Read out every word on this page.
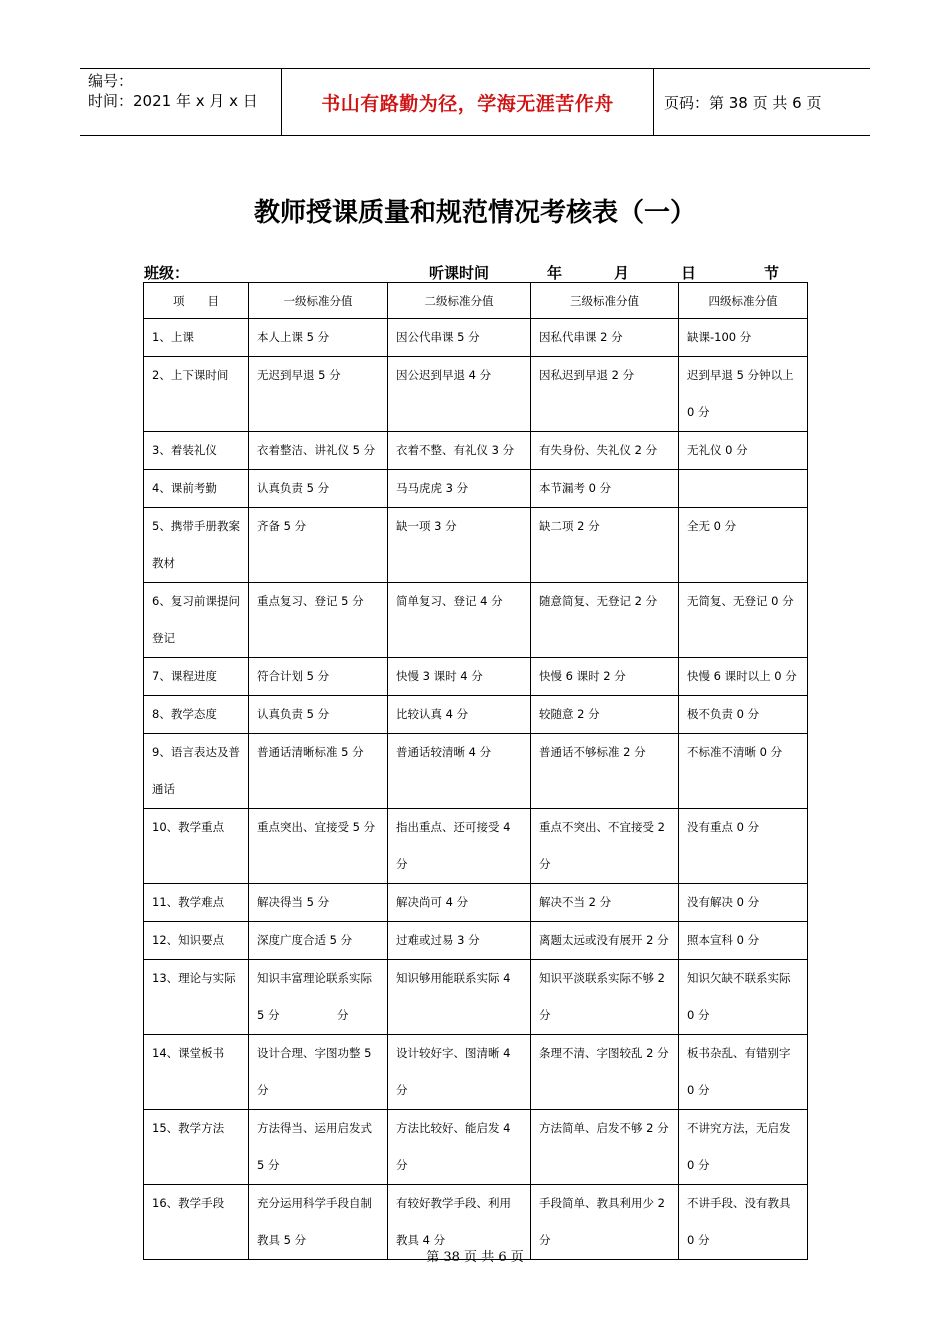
编号：
时间：2021 年 x 月 x 日	书山有路勤为径，学海无涯苦作舟	页码：第 38 页 共 6 页
教师授课质量和规范情况考核表（一）
班级：	听课时间	年	月	日	节
项　　目	一级标准分值	二级标准分值	三级标准分值	四级标准分值
1、上课	本人上课 5 分	因公代串课 5 分	因私代串课 2 分	缺课-100 分
2、上下课时间	无迟到早退 5 分	因公迟到早退 4 分	因私迟到早退 2 分	迟到早退 5 分钟以上 0 分
3、着装礼仪	衣着整洁、讲礼仪 5 分	衣着不整、有礼仪 3 分	有失身份、失礼仪 2 分	无礼仪 0 分
4、课前考勤	认真负责 5 分	马马虎虎 3 分	本节漏考 0 分	
5、携带手册教案教材	齐备 5 分	缺一项 3 分	缺二项 2 分	全无 0 分
6、复习前课提问登记	重点复习、登记 5 分	简单复习、登记 4 分	随意简复、无登记 2 分	无简复、无登记 0 分
7、课程进度	符合计划 5 分	快慢 3 课时 4 分	快慢 6 课时 2 分	快慢 6 课时以上 0 分
8、教学态度	认真负责 5 分	比较认真 4 分	较随意 2 分	极不负责 0 分
9、语言表达及普通话	普通话清晰标准 5 分	普通话较清晰 4 分	普通话不够标准 2 分	不标准不清晰 0 分
10、教学重点	重点突出、宜接受 5 分	指出重点、还可接受 4 分	重点不突出、不宜接受 2 分	没有重点 0 分
11、教学难点	解决得当 5 分	解决尚可 4 分	解决不当 2 分	没有解决 0 分
12、知识要点	深度广度合适 5 分	过难或过易 3 分	离题太远或没有展开 2 分	照本宣科 0 分
13、理论与实际	知识丰富理论联系实际 5 分　　　　　分	知识够用能联系实际 4	知识平淡联系实际不够 2 分	知识欠缺不联系实际 0 分
14、课堂板书	设计合理、字图功整 5 分	设计较好字、图清晰 4 分	条理不清、字图较乱 2 分	板书杂乱、有错别字 0 分
15、教学方法	方法得当、运用启发式 5 分	方法比较好、能启发 4 分	方法简单、启发不够 2 分	不讲究方法，无启发 0 分
16、教学手段	充分运用科学手段自制教具 5 分	有较好教学手段、利用教具 4 分	手段简单、教具利用少 2 分	不讲手段、没有教具 0 分
第 38 页 共 6 页
